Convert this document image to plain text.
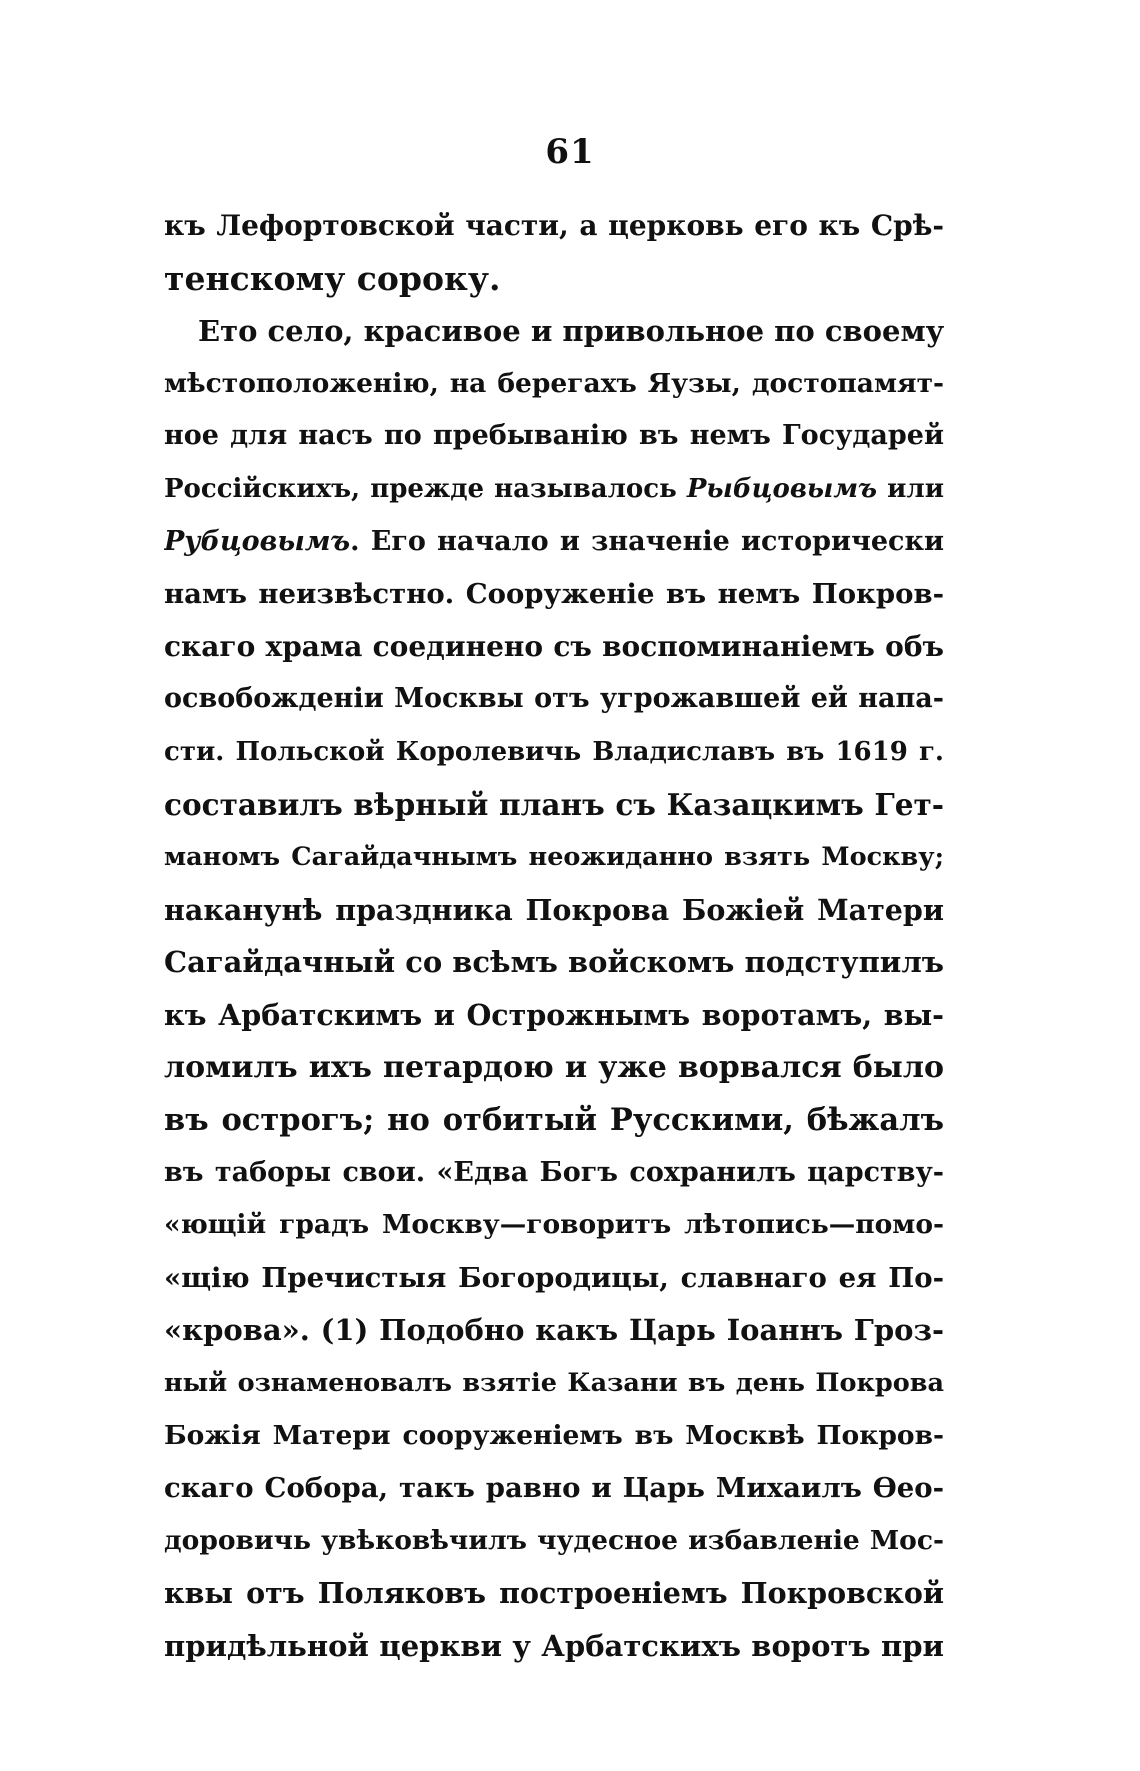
61
къ Лефортовской части, а церковь его къ Срѣ-
тенскому сороку.
Ето село, красивое и привольное по своему
мѣстоположенiю, на берегахъ Яузы, достопамят-
ное для насъ по пребыванiю въ немъ Государей
Россiйскихъ, прежде называлось Рыбцовымъ или
Рубцовымъ. Его начало и значенiе исторически
намъ неизвѣстно. Сооруженiе въ немъ Покров-
скаго храма соединено съ воспоминанiемъ объ
освобожденiи Москвы отъ угрожавшей ей напа-
сти. Польской Королевичь Владиславъ въ 1619 г.
составилъ вѣрный планъ съ Казацкимъ Гет-
маномъ Сагайдачнымъ неожиданно взять Москву;
наканунѣ праздника Покрова Божiей Матери
Сагайдачный со всѣмъ войскомъ подступилъ
къ Арбатскимъ и Острожнымъ воротамъ, вы-
ломилъ ихъ петардою и уже ворвался было
въ острогъ; но отбитый Русскими, бѣжалъ
въ таборы свои. «Едва Богъ сохранилъ царству-
«ющiй градъ Москву—говоритъ лѣтопись—помо-
«щiю Пречистыя Богородицы, славнаго ея По-
«крова». (1) Подобно какъ Царь Iоаннъ Гроз-
ный ознаменовалъ взятiе Казани въ день Покрова
Божiя Матери сооруженiемъ въ Москвѣ Покров-
скаго Собора, такъ равно и Царь Михаилъ Ѳео-
доровичь увѣковѣчилъ чудесное избавленiе Мос-
квы отъ Поляковъ построенiемъ Покровской
придѣльной церкви у Арбатскихъ воротъ при
